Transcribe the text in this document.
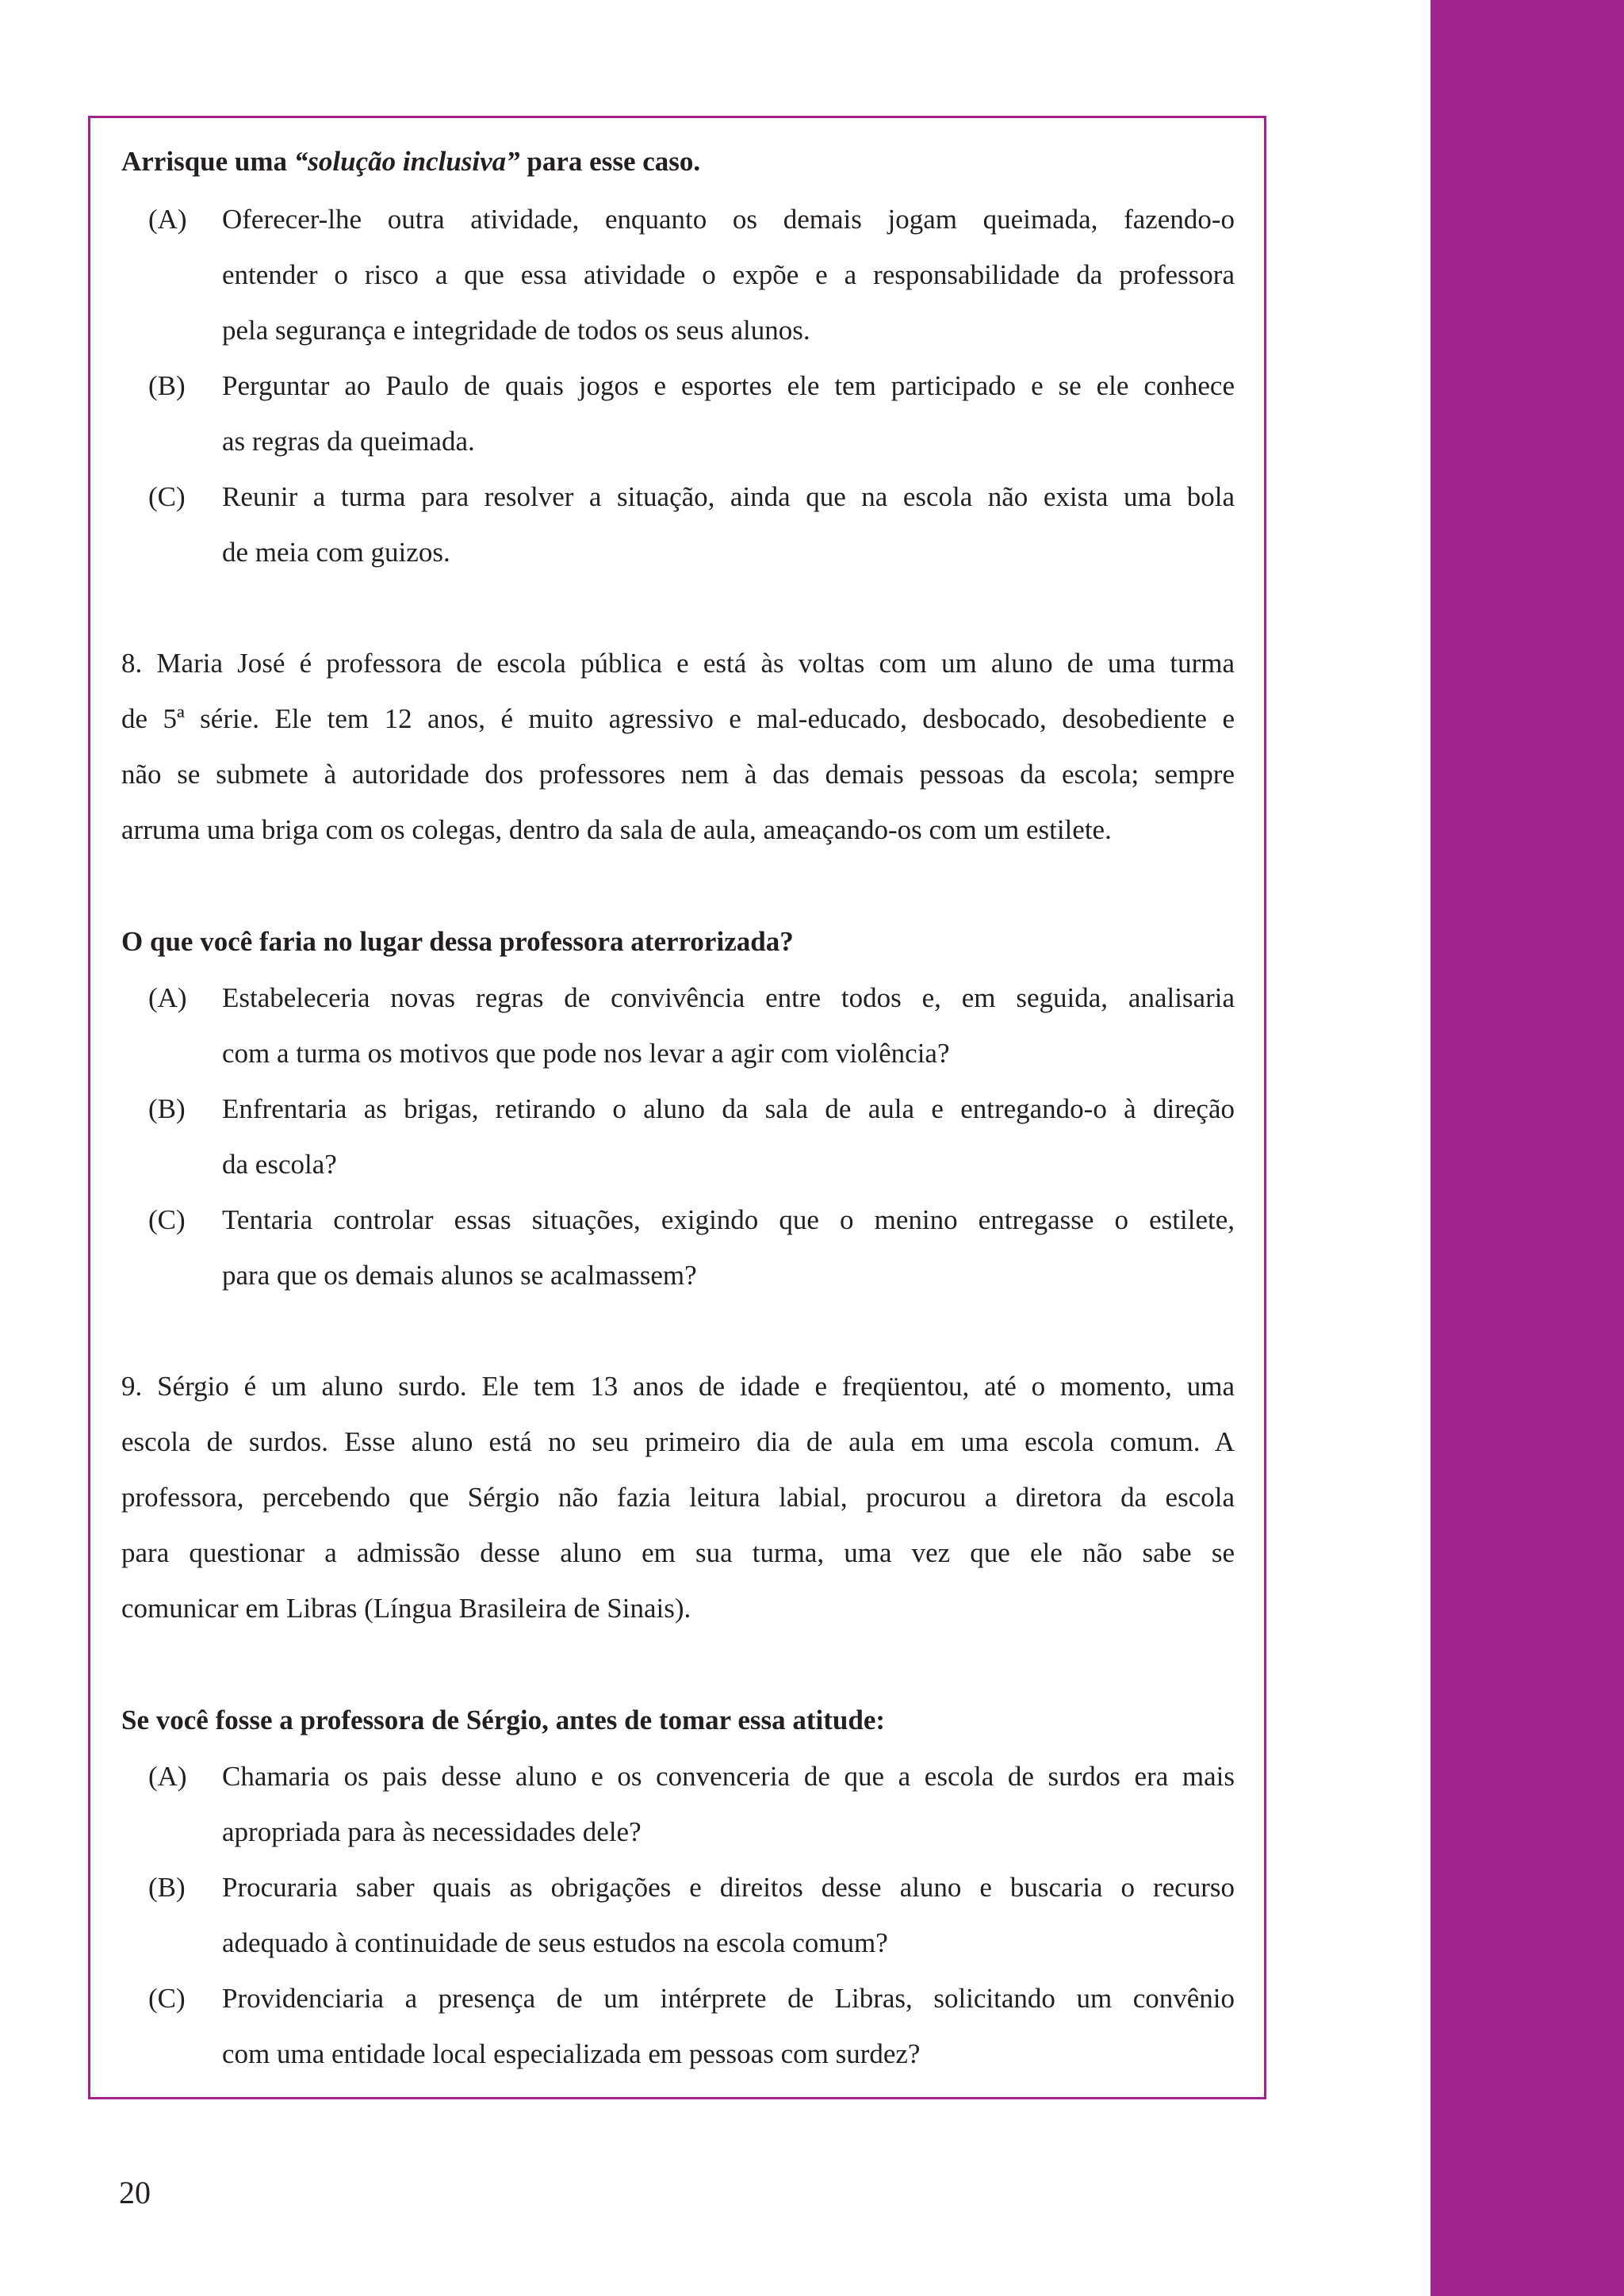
Arrisque uma “solução inclusiva” para esse caso.
(A) Oferecer-lhe outra atividade, enquanto os demais jogam queimada, fazendo-o
entender o risco a que essa atividade o expõe e a responsabilidade da professora
pela segurança e integridade de todos os seus alunos.
(B) Perguntar ao Paulo de quais jogos e esportes ele tem participado e se ele conhece
as regras da queimada.
(C) Reunir a turma para resolver a situação, ainda que na escola não exista uma bola
de meia com guizos.
8. Maria José é professora de escola pública e está às voltas com um aluno de uma turma
de 5ª série. Ele tem 12 anos, é muito agressivo e mal-educado, desbocado, desobediente e
não se submete à autoridade dos professores nem à das demais pessoas da escola; sempre
arruma uma briga com os colegas, dentro da sala de aula, ameaçando-os com um estilete.
O que você faria no lugar dessa professora aterrorizada?
(A) Estabeleceria novas regras de convivência entre todos e, em seguida, analisaria
com a turma os motivos que pode nos levar a agir com violência?
(B) Enfrentaria as brigas, retirando o aluno da sala de aula e entregando-o à direção
da escola?
(C) Tentaria controlar essas situações, exigindo que o menino entregasse o estilete,
para que os demais alunos se acalmassem?
9. Sérgio é um aluno surdo. Ele tem 13 anos de idade e freqüentou, até o momento, uma
escola de surdos. Esse aluno está no seu primeiro dia de aula em uma escola comum. A
professora, percebendo que Sérgio não fazia leitura labial, procurou a diretora da escola
para questionar a admissão desse aluno em sua turma, uma vez que ele não sabe se
comunicar em Libras (Língua Brasileira de Sinais).
Se você fosse a professora de Sérgio, antes de tomar essa atitude:
(A) Chamaria os pais desse aluno e os convenceria de que a escola de surdos era mais
apropriada para às necessidades dele?
(B) Procuraria saber quais as obrigações e direitos desse aluno e buscaria o recurso
adequado à continuidade de seus estudos na escola comum?
(C) Providenciaria a presença de um intérprete de Libras, solicitando um convênio
com uma entidade local especializada em pessoas com surdez?
20
